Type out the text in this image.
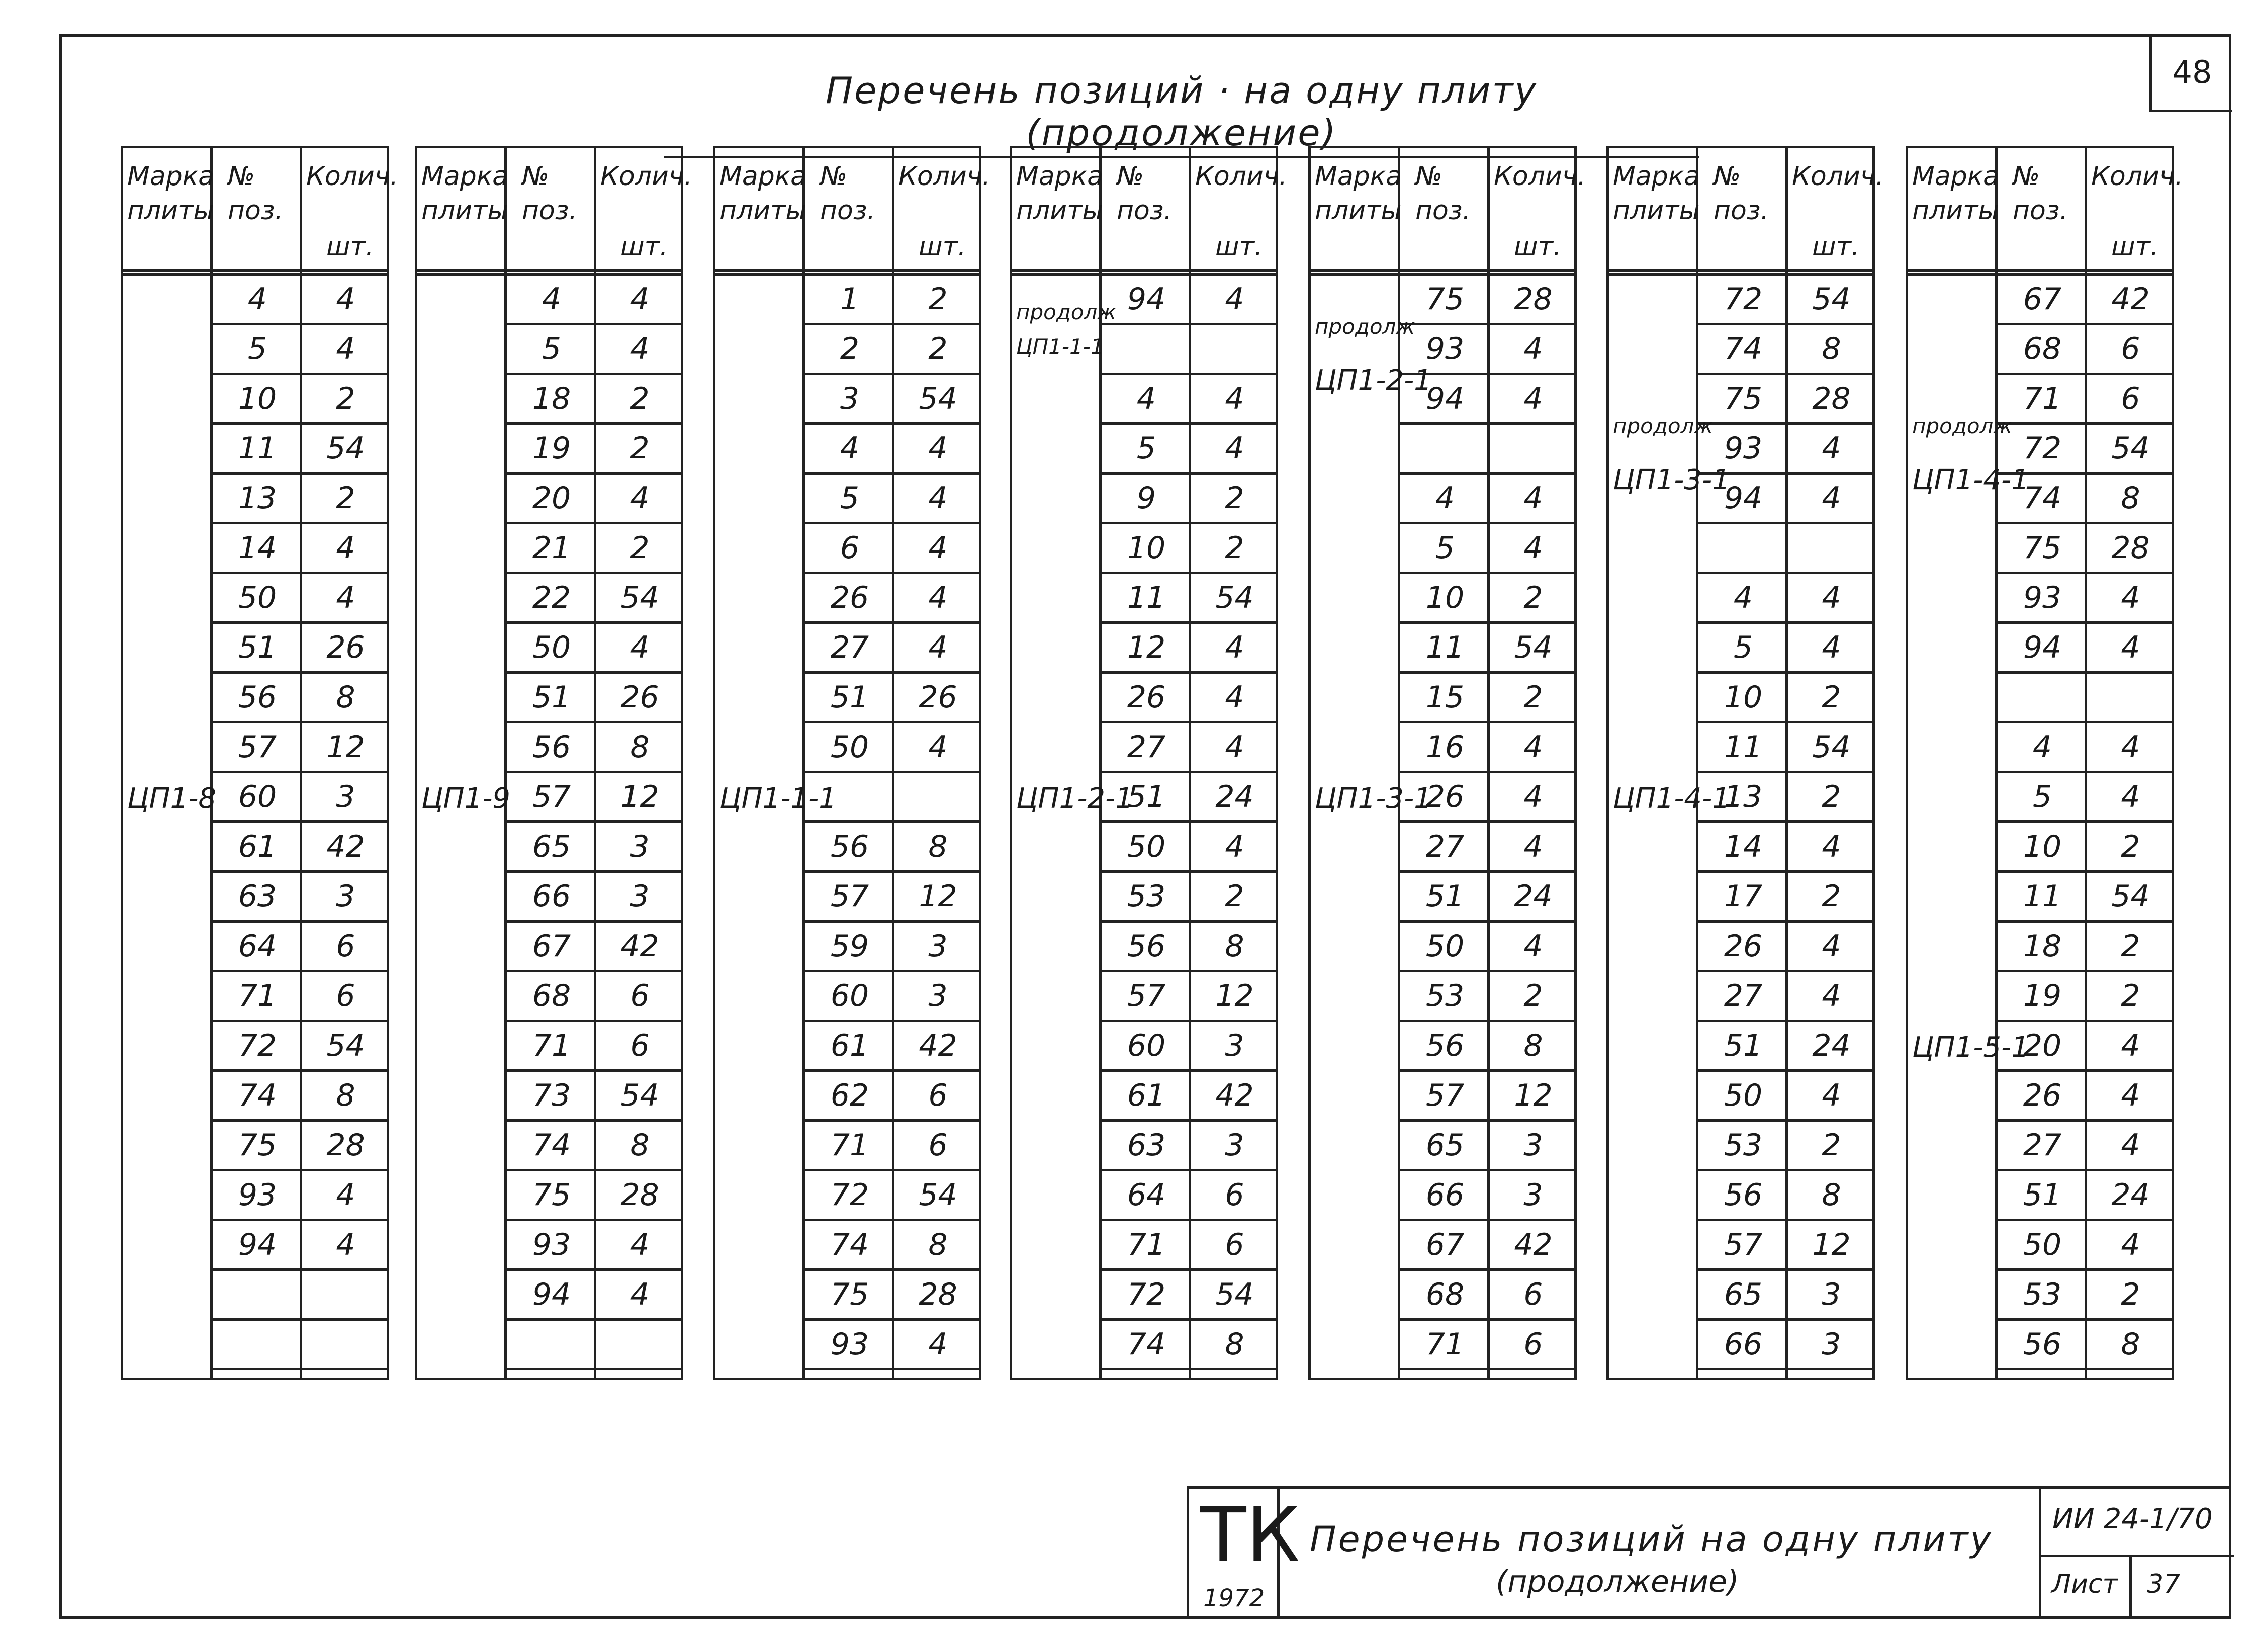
48
Перечень позиций · на одну плиту (продолжение)
Марка
плиты
№
поз.
Колич.
шт.
4	4
5	4
10	2
11	54
13	2
14	4
50	4
51	26
56	8
57	12
60	3
61	42
63	3
64	6
71	6
72	54
74	8
75	28
93	4
94	4
ЦП1-8
Марка
плиты
№
поз.
Колич.
шт.
4	4
5	4
18	2
19	2
20	4
21	2
22	54
50	4
51	26
56	8
57	12
65	3
66	3
67	42
68	6
71	6
73	54
74	8
75	28
93	4
94	4
ЦП1-9
Марка
плиты
№
поз.
Колич.
шт.
1	2
2	2
3	54
4	4
5	4
6	4
26	4
27	4
51	26
50	4
56	8
57	12
59	3
60	3
61	42
62	6
71	6
72	54
74	8
75	28
93	4
ЦП1-1-1
Марка
плиты
№
поз.
Колич.
шт.
94	4
4	4
5	4
9	2
10	2
11	54
12	4
26	4
27	4
51	24
50	4
53	2
56	8
57	12
60	3
61	42
63	3
64	6
71	6
72	54
74	8
продолж
ЦП1-1-1
ЦП1-2-1
Марка
плиты
№
поз.
Колич.
шт.
75	28
93	4
94	4
4	4
5	4
10	2
11	54
15	2
16	4
26	4
27	4
51	24
50	4
53	2
56	8
57	12
65	3
66	3
67	42
68	6
71	6
продолж
ЦП1-2-1
ЦП1-3-1
Марка
плиты
№
поз.
Колич.
шт.
72	54
74	8
75	28
93	4
94	4
4	4
5	4
10	2
11	54
13	2
14	4
17	2
26	4
27	4
51	24
50	4
53	2
56	8
57	12
65	3
66	3
продолж
ЦП1-3-1
ЦП1-4-1
Марка
плиты
№
поз.
Колич.
шт.
67	42
68	6
71	6
72	54
74	8
75	28
93	4
94	4
4	4
5	4
10	2
11	54
18	2
19	2
20	4
26	4
27	4
51	24
50	4
53	2
56	8
продолж
ЦП1-4-1
ЦП1-5-1
ТК
1972
Перечень позиций на одну плиту
(продолжение)
ИИ 24-1/70
Лист 37
